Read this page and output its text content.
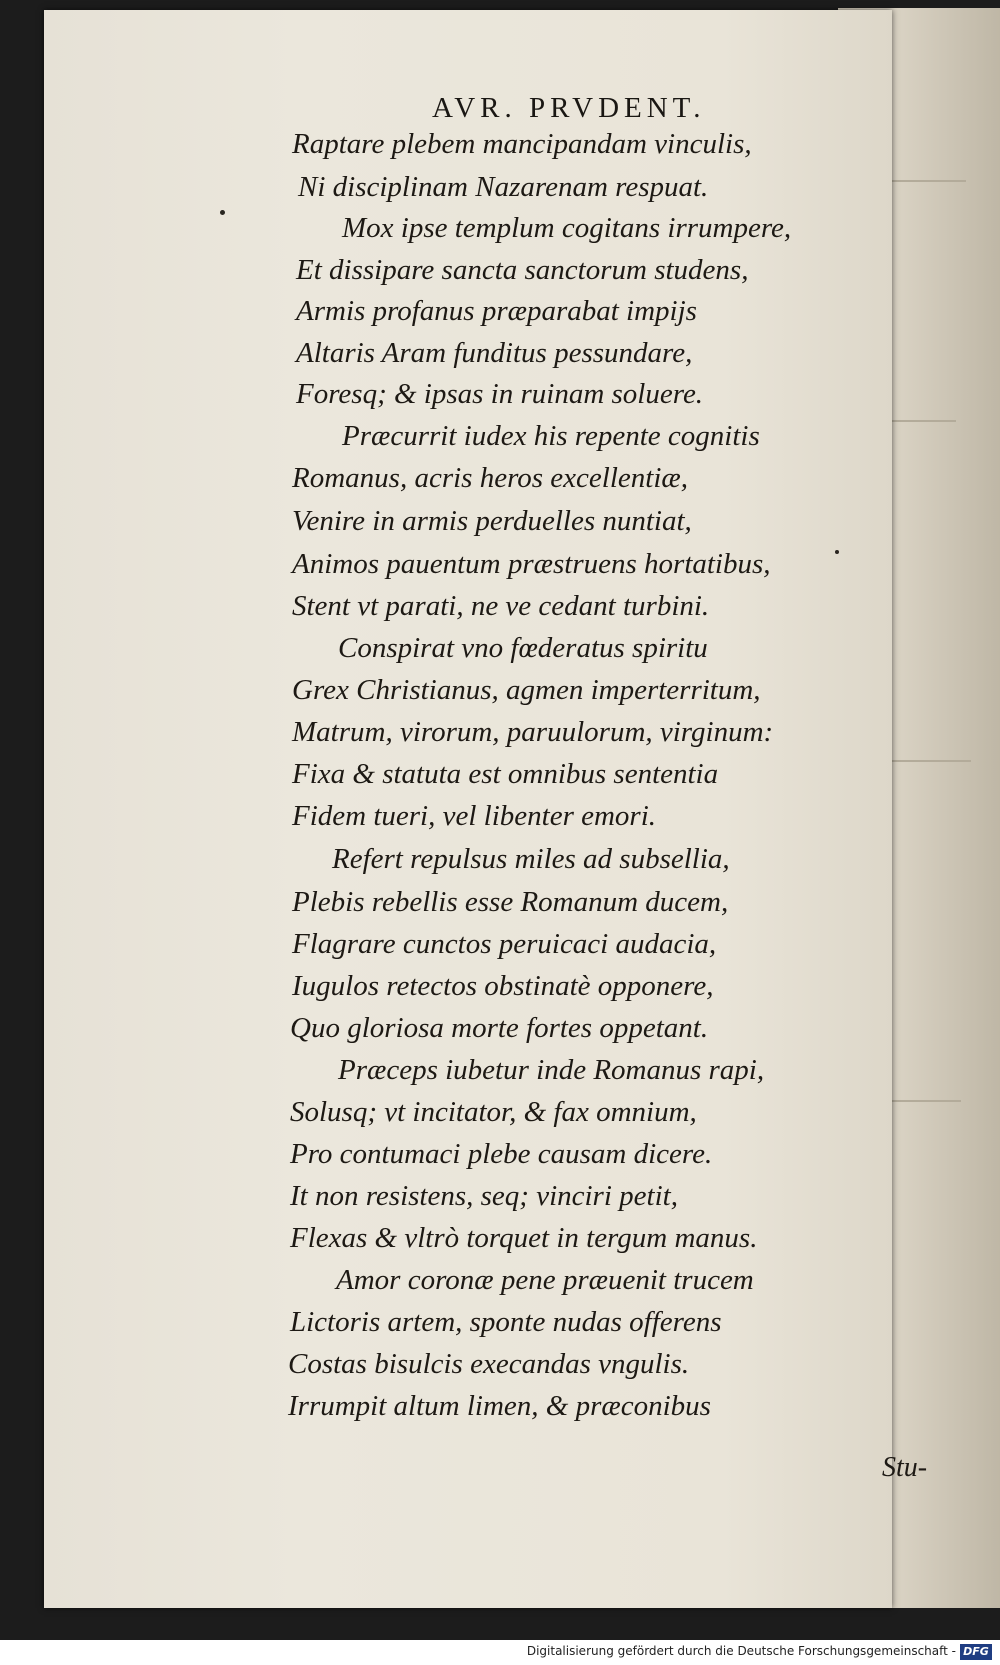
AVR. PRVDENT.
Raptare plebem mancipandam vinculis,
Ni disciplinam Nazarenam respuat.
Mox ipse templum cogitans irrumpere,
Et dissipare sancta sanctorum studens,
Armis profanus præparabat impijs
Altaris Aram funditus pessundare,
Foresq; & ipsas in ruinam soluere.
Præcurrit iudex his repente cognitis
Romanus, acris heros excellentiæ,
Venire in armis perduelles nuntiat,
Animos pauentum præstruens hortatibus,
Stent vt parati, ne ve cedant turbini.
Conspirat vno fœderatus spiritu
Grex Christianus, agmen imperterritum,
Matrum, virorum, paruulorum, virginum:
Fixa & statuta est omnibus sententia
Fidem tueri, vel libenter emori.
Refert repulsus miles ad subsellia,
Plebis rebellis esse Romanum ducem,
Flagrare cunctos peruicaci audacia,
Iugulos retectos obstinatè opponere,
Quo gloriosa morte fortes oppetant.
Præceps iubetur inde Romanus rapi,
Solusq; vt incitator, & fax omnium,
Pro contumaci plebe causam dicere.
It non resistens, seq; vinciri petit,
Flexas & vltrò torquet in tergum manus.
Amor coronæ pene præuenit trucem
Lictoris artem, sponte nudas offerens
Costas bisulcis execandas vngulis.
Irrumpit altum limen, & præconibus
Stu-
Digitalisierung gefördert durch die Deutsche Forschungsgemeinschaft - DFG
